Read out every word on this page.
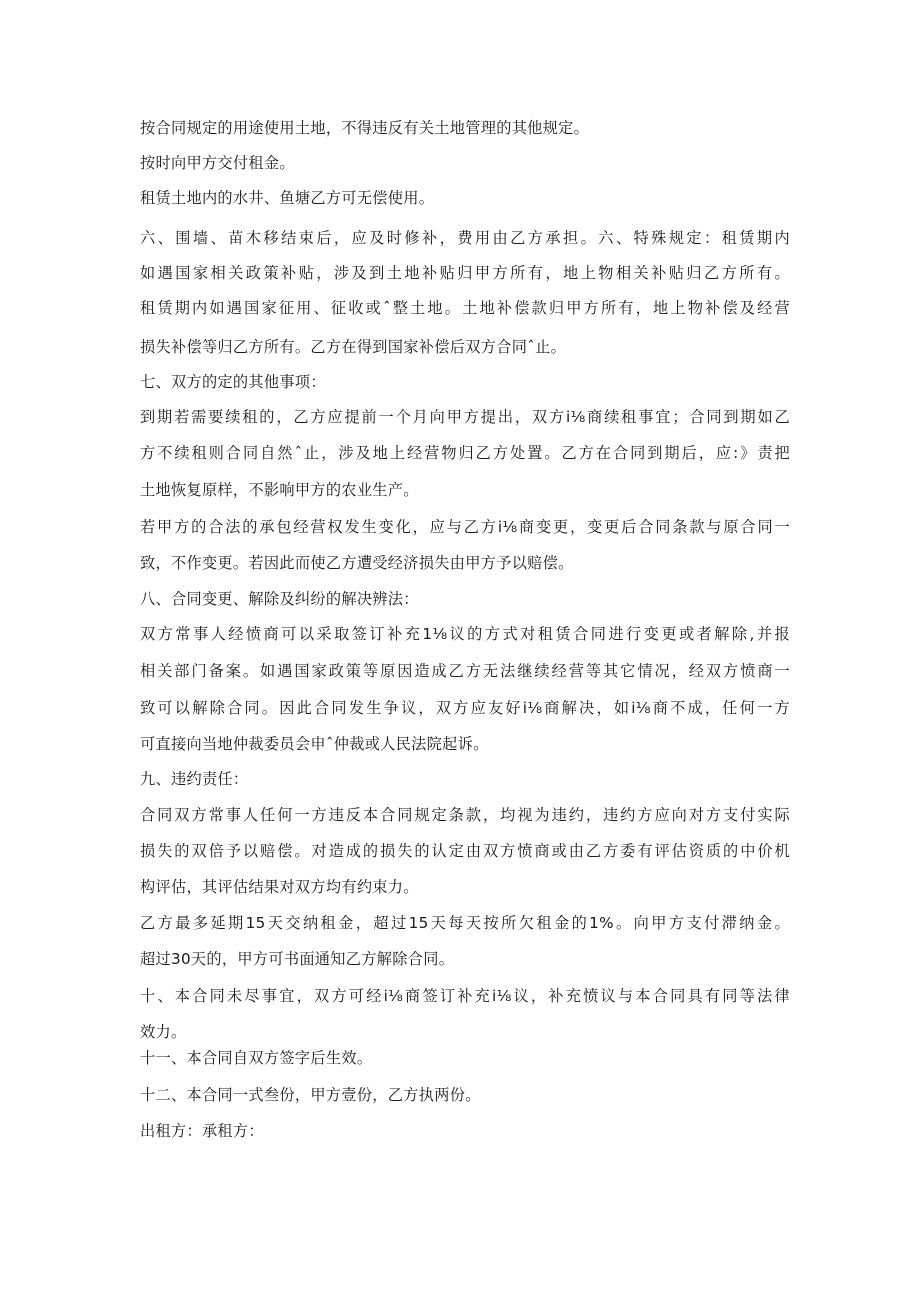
按合同规定的用途使用土地，不得违反有关土地管理的其他规定。
按时向甲方交付租金。
租赁土地内的水井、鱼塘乙方可无偿使用。
六、围墙、苗木移结束后，应及时修补，费用由乙方承担。六、特殊规定：租赁期内
如遇国家相关政策补贴，涉及到土地补贴归甲方所有，地上物相关补贴归乙方所有。
租赁期内如遇国家征用、征收或ˆ整土地。土地补偿款归甲方所有，地上物补偿及经营
损失补偿等归乙方所有。乙方在得到国家补偿后双方合同ˆ止。
七、双方的定的其他事项：
到期若需要续租的，乙方应提前一个月向甲方提出，双方i⅛商续租事宜；合同到期如乙
方不续租则合同自然ˆ止，涉及地上经营物归乙方处置。乙方在合同到期后，应:》责把
土地恢复原样，不影响甲方的农业生产。
若甲方的合法的承包经营权发生变化，应与乙方i⅛商变更，变更后合同条款与原合同一
致，不作变更。若因此而使乙方遭受经济损失由甲方予以赔偿。
八、合同变更、解除及纠纷的解决辨法：
双方常事人经愤商可以采取签订补充1⅛议的方式对租赁合同进行变更或者解除,并报
相关部门备案。如遇国家政策等原因造成乙方无法继续经营等其它情况，经双方愤商一
致可以解除合同。因此合同发生争议，双方应友好i⅛商解决，如i⅛商不成，任何一方
可直接向当地仲裁委员会申ˆ仲裁或人民法院起诉。
九、违约责任：
合同双方常事人任何一方违反本合同规定条款，均视为违约，违约方应向对方支付实际
损失的双倍予以赔偿。对造成的损失的认定由双方愤商或由乙方委有评估资质的中价机
构评估，其评估结果对双方均有约束力。
乙方最多延期15天交纳租金，超过15天每天按所欠租金的1%。向甲方支付滞纳金。
超过30天的，甲方可书面通知乙方解除合同。
十、本合同未尽事宜，双方可经i⅛商签订补充i⅛议，补充愤议与本合同具有同等法律
效力。
十一、本合同自双方签字后生效。
十二、本合同一式叁份，甲方壹份，乙方执两份。
出租方：承租方：
